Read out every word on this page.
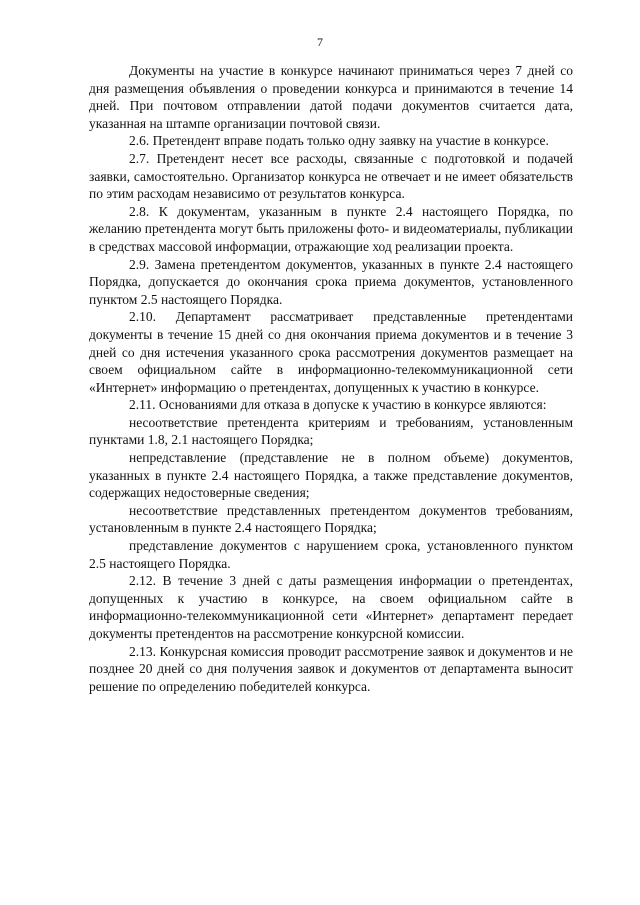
7

Документы на участие в конкурсе начинают приниматься через 7 дней со дня размещения объявления о проведении конкурса и принимаются в течение 14 дней. При почтовом отправлении датой подачи документов считается дата, указанная на штампе организации почтовой связи.

2.6. Претендент вправе подать только одну заявку на участие в конкурсе.

2.7. Претендент несет все расходы, связанные с подготовкой и подачей заявки, самостоятельно. Организатор конкурса не отвечает и не имеет обязательств по этим расходам независимо от результатов конкурса.

2.8. К документам, указанным в пункте 2.4 настоящего Порядка, по желанию претендента могут быть приложены фото- и видеоматериалы, публикации в средствах массовой информации, отражающие ход реализации проекта.

2.9. Замена претендентом документов, указанных в пункте 2.4 настоящего Порядка, допускается до окончания срока приема документов, установленного пунктом 2.5 настоящего Порядка.

2.10. Департамент рассматривает представленные претендентами документы в течение 15 дней со дня окончания приема документов и в течение 3 дней со дня истечения указанного срока рассмотрения документов размещает на своем официальном сайте в информационно-телекоммуникационной сети «Интернет» информацию о претендентах, допущенных к участию в конкурсе.

2.11. Основаниями для отказа в допуске к участию в конкурсе являются:

несоответствие претендента критериям и требованиям, установленным пунктами 1.8, 2.1 настоящего Порядка;

непредставление (представление не в полном объеме) документов, указанных в пункте 2.4 настоящего Порядка, а также представление документов, содержащих недостоверные сведения;

несоответствие представленных претендентом документов требованиям, установленным в пункте 2.4 настоящего Порядка;

представление документов с нарушением срока, установленного пунктом 2.5 настоящего Порядка.

2.12. В течение 3 дней с даты размещения информации о претендентах, допущенных к участию в конкурсе, на своем официальном сайте в информационно-телекоммуникационной сети «Интернет» департамент передает документы претендентов на рассмотрение конкурсной комиссии.

2.13. Конкурсная комиссия проводит рассмотрение заявок и документов и не позднее 20 дней со дня получения заявок и документов от департамента выносит решение по определению победителей конкурса.
